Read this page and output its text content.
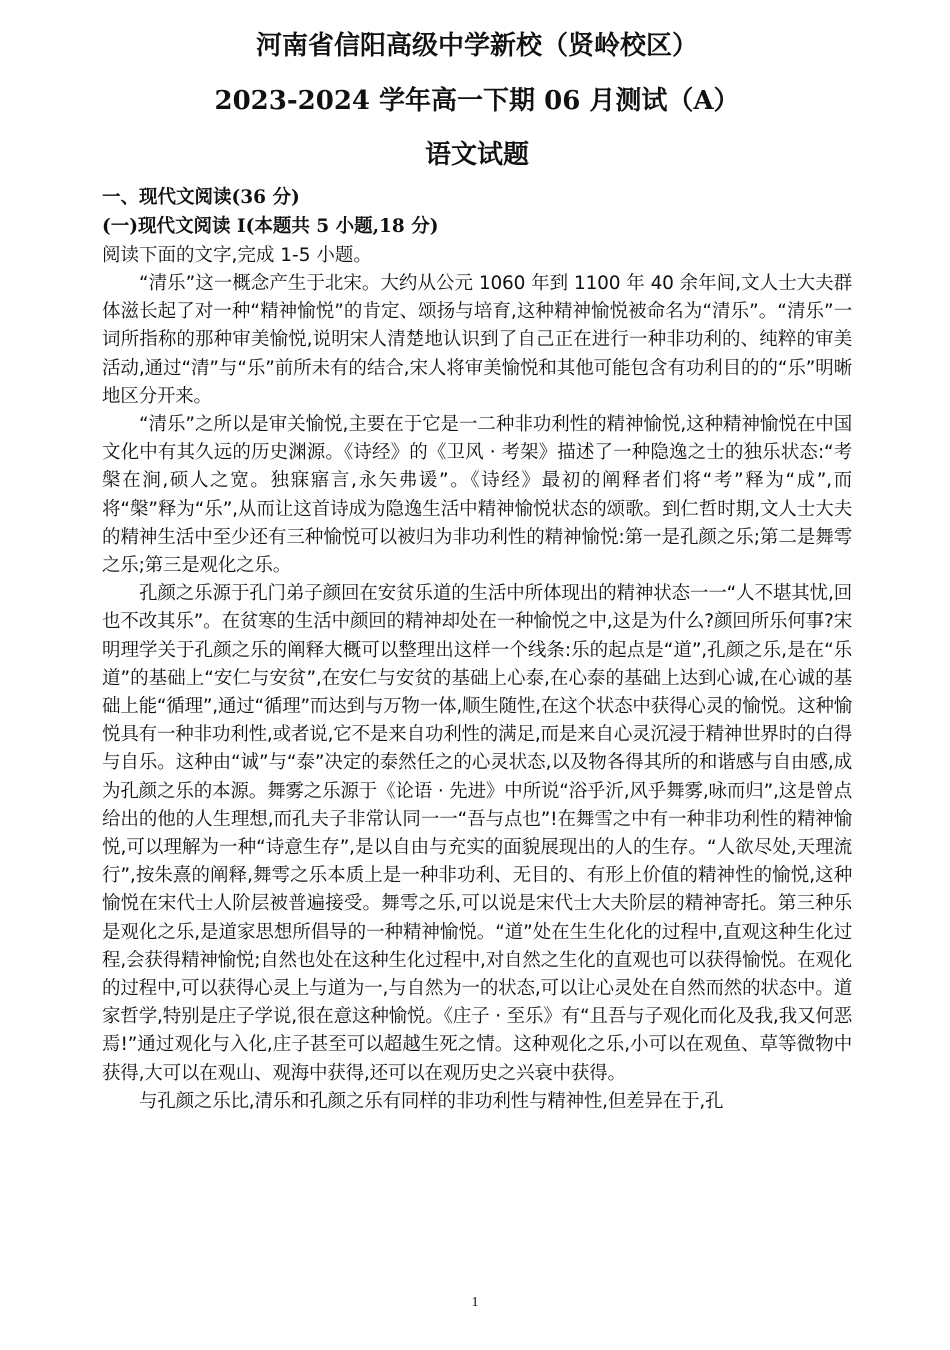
河南省信阳高级中学新校（贤岭校区）
2023-2024 学年高一下期 06 月测试（A）
语文试题

一、现代文阅读(36 分)

(一)现代文阅读 I(本题共 5 小题,18 分)

阅读下面的文字,完成 1-5 小题。

“清乐”这一概念产生于北宋。大约从公元 1060 年到 1100 年 40 余年间,文人士大夫群体滋长起了对一种“精神愉悦”的肯定、颂扬与培育,这种精神愉悦被命名为“清乐”。“清乐”一词所指称的那种审美愉悦,说明宋人清楚地认识到了自己正在进行一种非功利的、纯粹的审美活动,通过“清”与“乐”前所未有的结合,宋人将审美愉悦和其他可能包含有功利目的的“乐”明晰地区分开来。

“清乐”之所以是审关愉悦,主要在于它是一二种非功利性的精神愉悦,这种精神愉悦在中国文化中有其久远的历史渊源。《诗经》的《卫风 · 考架》描述了一种隐逸之士的独乐状态:“考槃在涧,硕人之宽。独寐寤言,永矢弗谖”。《诗经》最初的阐释者们将“考”释为“成”,而将“槃”释为“乐”,从而让这首诗成为隐逸生活中精神愉悦状态的颂歌。到仁哲时期,文人士大夫的精神生活中至少还有三种愉悦可以被归为非功利性的精神愉悦:第一是孔颜之乐;第二是舞雩之乐;第三是观化之乐。

孔颜之乐源于孔门弟子颜回在安贫乐道的生活中所体现出的精神状态一一“人不堪其忧,回也不改其乐”。在贫寒的生活中颜回的精神却处在一种愉悦之中,这是为什么?颜回所乐何事?宋明理学关于孔颜之乐的阐释大概可以整理出这样一个线条:乐的起点是“道”,孔颜之乐,是在“乐道”的基础上“安仁与安贫”,在安仁与安贫的基础上心泰,在心泰的基础上达到心诚,在心诚的基础上能“循理”,通过“循理”而达到与万物一体,顺生随性,在这个状态中获得心灵的愉悦。这种愉悦具有一种非功利性,或者说,它不是来自功利性的满足,而是来自心灵沉浸于精神世界时的白得与自乐。这种由“诚”与“泰”决定的泰然任之的心灵状态,以及物各得其所的和谐感与自由感,成为孔颜之乐的本源。舞雾之乐源于《论语 · 先进》中所说“浴乎沂,风乎舞雾,咏而归”,这是曾点给出的他的人生理想,而孔夫子非常认同一一“吾与点也”!在舞雪之中有一种非功利性的精神愉悦,可以理解为一种“诗意生存”,是以自由与充实的面貌展现出的人的生存。“人欲尽处,天理流行”,按朱熹的阐释,舞雩之乐本质上是一种非功利、无目的、有形上价值的精神性的愉悦,这种愉悦在宋代士人阶层被普遍接受。舞雩之乐,可以说是宋代士大夫阶层的精神寄托。第三种乐是观化之乐,是道家思想所倡导的一种精神愉悦。“道”处在生生化化的过程中,直观这种生化过程,会获得精神愉悦;自然也处在这种生化过程中,对自然之生化的直观也可以获得愉悦。在观化的过程中,可以获得心灵上与道为一,与自然为一的状态,可以让心灵处在自然而然的状态中。道家哲学,特别是庄子学说,很在意这种愉悦。《庄子 · 至乐》有“且吾与子观化而化及我,我又何恶焉!”通过观化与入化,庄子甚至可以超越生死之情。这种观化之乐,小可以在观鱼、草等微物中获得,大可以在观山、观海中获得,还可以在观历史之兴衰中获得。

与孔颜之乐比,清乐和孔颜之乐有同样的非功利性与精神性,但差异在于,孔

1
